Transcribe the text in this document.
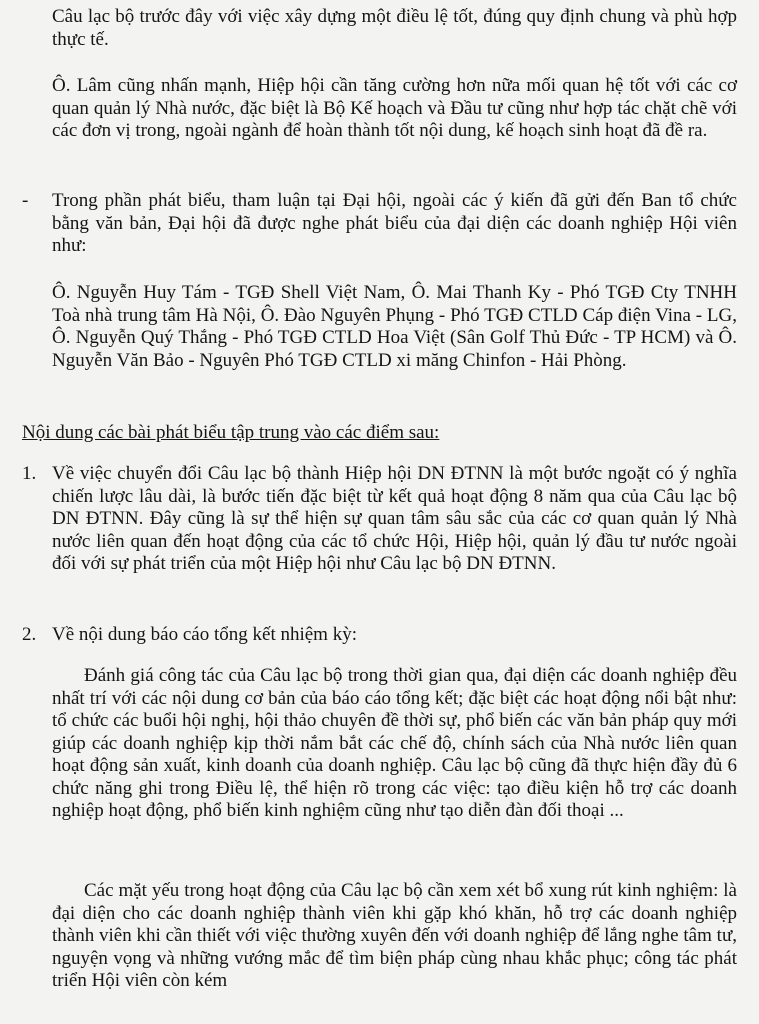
Câu lạc bộ trước đây với việc xây dựng một điều lệ tốt, đúng quy định chung và phù hợp thực tế.

Ô. Lâm cũng nhấn mạnh, Hiệp hội cần tăng cường hơn nữa mối quan hệ tốt với các cơ quan quản lý Nhà nước, đặc biệt là Bộ Kế hoạch và Đầu tư cũng như hợp tác chặt chẽ với các đơn vị trong, ngoài ngành để hoàn thành tốt nội dung, kế hoạch sinh hoạt đã đề ra.

- Trong phần phát biểu, tham luận tại Đại hội, ngoài các ý kiến đã gửi đến Ban tổ chức bằng văn bản, Đại hội đã được nghe phát biểu của đại diện các doanh nghiệp Hội viên như:

Ô. Nguyễn Huy Tám - TGĐ Shell Việt Nam, Ô. Mai Thanh Ky - Phó TGĐ Cty TNHH Toà nhà trung tâm Hà Nội, Ô. Đào Nguyên Phụng - Phó TGĐ CTLD Cáp điện Vina - LG, Ô. Nguyễn Quý Thắng - Phó TGĐ CTLD Hoa Việt (Sân Golf Thủ Đức - TP HCM) và Ô. Nguyễn Văn Bảo - Nguyên Phó TGĐ CTLD xi măng Chinfon - Hải Phòng.

Nội dung các bài phát biểu tập trung vào các điểm sau:

1. Về việc chuyển đổi Câu lạc bộ thành Hiệp hội DN ĐTNN là một bước ngoặt có ý nghĩa chiến lược lâu dài, là bước tiến đặc biệt từ kết quả hoạt động 8 năm qua của Câu lạc bộ DN ĐTNN. Đây cũng là sự thể hiện sự quan tâm sâu sắc của các cơ quan quản lý Nhà nước liên quan đến hoạt động của các tổ chức Hội, Hiệp hội, quản lý đầu tư nước ngoài đối với sự phát triển của một Hiệp hội như Câu lạc bộ DN ĐTNN.

2. Về nội dung báo cáo tổng kết nhiệm kỳ:

Đánh giá công tác của Câu lạc bộ trong thời gian qua, đại diện các doanh nghiệp đều nhất trí với các nội dung cơ bản của báo cáo tổng kết; đặc biệt các hoạt động nổi bật như: tổ chức các buổi hội nghị, hội thảo chuyên đề thời sự, phổ biến các văn bản pháp quy mới giúp các doanh nghiệp kịp thời nắm bắt các chế độ, chính sách của Nhà nước liên quan hoạt động sản xuất, kinh doanh của doanh nghiệp. Câu lạc bộ cũng đã thực hiện đầy đủ 6 chức năng ghi trong Điều lệ, thể hiện rõ trong các việc: tạo điều kiện hỗ trợ các doanh nghiệp hoạt động, phổ biến kinh nghiệm cũng như tạo diễn đàn đối thoại ...

Các mặt yếu trong hoạt động của Câu lạc bộ cần xem xét bổ xung rút kinh nghiệm: là đại diện cho các doanh nghiệp thành viên khi gặp khó khăn, hỗ trợ các doanh nghiệp thành viên khi cần thiết với việc thường xuyên đến với doanh nghiệp để lắng nghe tâm tư, nguyện vọng và những vướng mắc để tìm biện pháp cùng nhau khắc phục; công tác phát triển Hội viên còn kém
